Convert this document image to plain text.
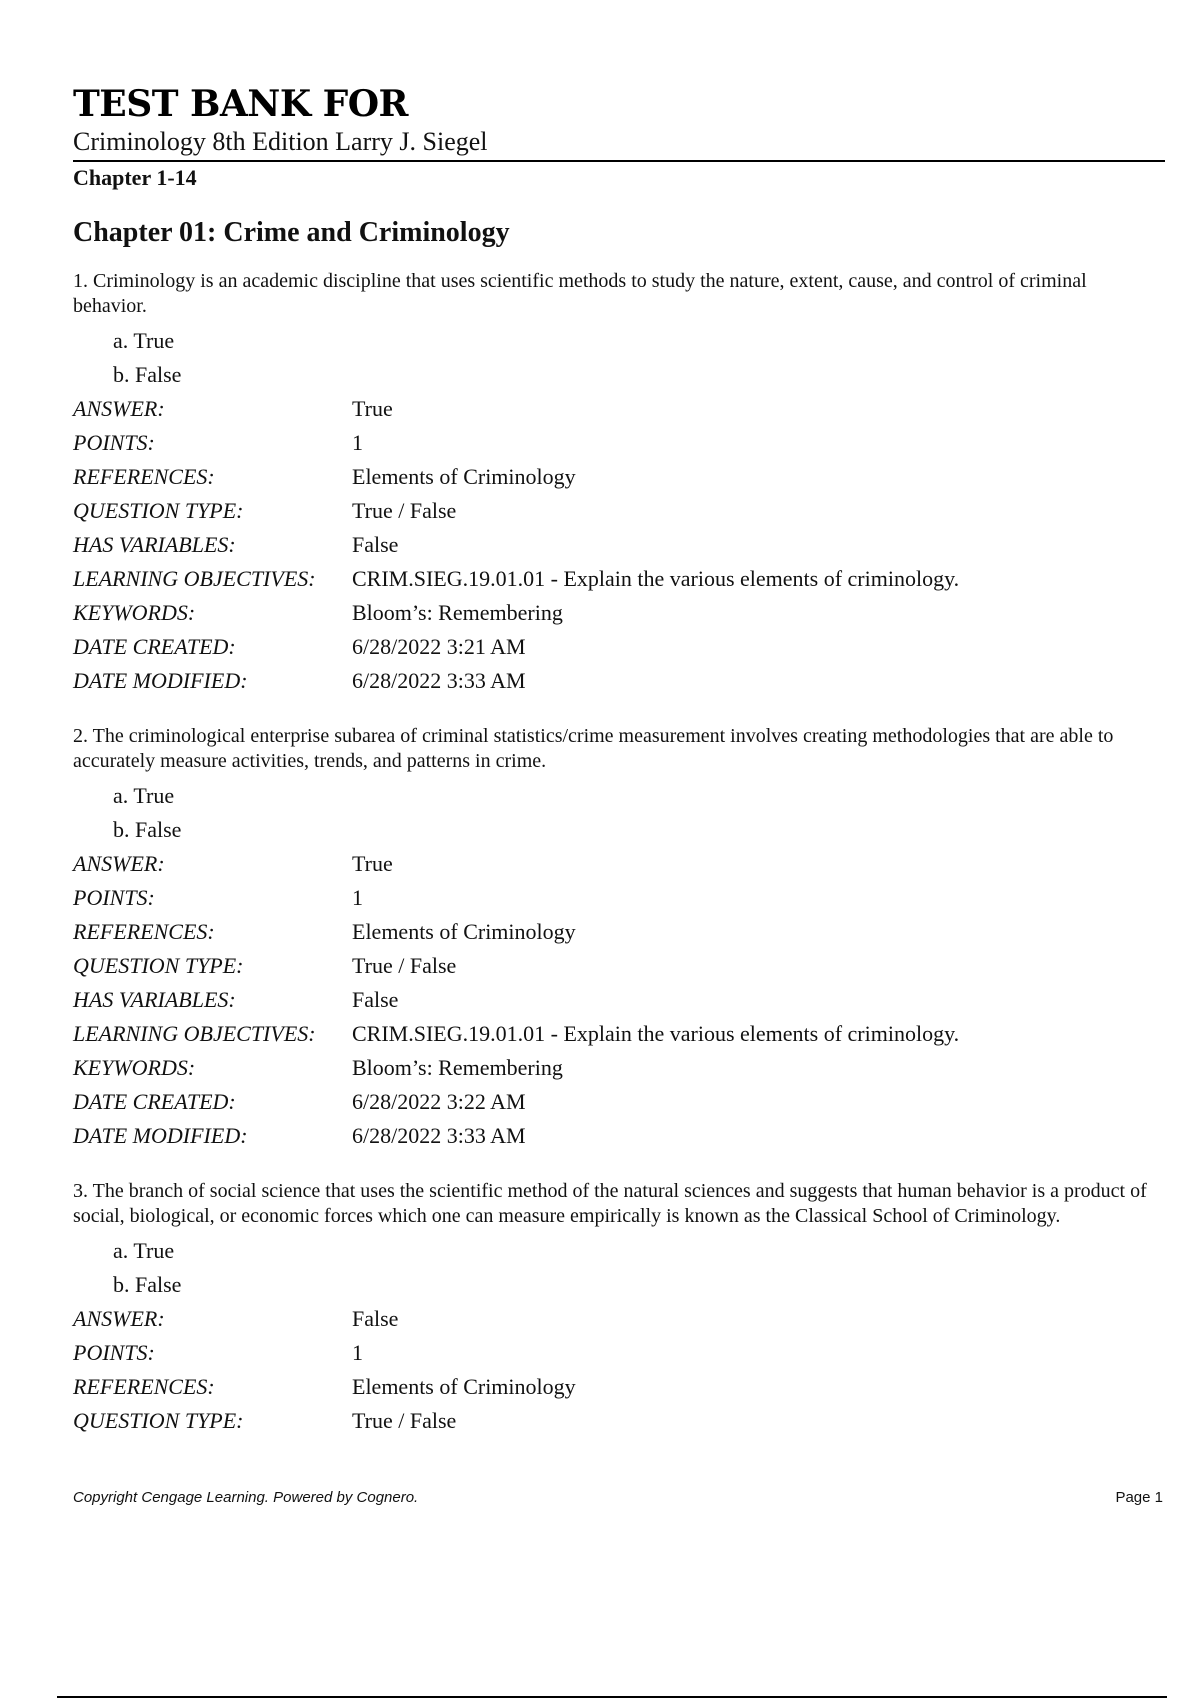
TEST BANK FOR
Criminology 8th Edition Larry J. Siegel
Chapter 1-14
Chapter 01: Crime and Criminology
1. Criminology is an academic discipline that uses scientific methods to study the nature, extent, cause, and control of criminal behavior.
a. True
b. False
ANSWER:	True
POINTS:	1
REFERENCES:	Elements of Criminology
QUESTION TYPE:	True / False
HAS VARIABLES:	False
LEARNING OBJECTIVES:	CRIM.SIEG.19.01.01 - Explain the various elements of criminology.
KEYWORDS:	Bloom’s: Remembering
DATE CREATED:	6/28/2022 3:21 AM
DATE MODIFIED:	6/28/2022 3:33 AM
2. The criminological enterprise subarea of criminal statistics/crime measurement involves creating methodologies that are able to accurately measure activities, trends, and patterns in crime.
a. True
b. False
ANSWER:	True
POINTS:	1
REFERENCES:	Elements of Criminology
QUESTION TYPE:	True / False
HAS VARIABLES:	False
LEARNING OBJECTIVES:	CRIM.SIEG.19.01.01 - Explain the various elements of criminology.
KEYWORDS:	Bloom’s: Remembering
DATE CREATED:	6/28/2022 3:22 AM
DATE MODIFIED:	6/28/2022 3:33 AM
3. The branch of social science that uses the scientific method of the natural sciences and suggests that human behavior is a product of social, biological, or economic forces which one can measure empirically is known as the Classical School of Criminology.
a. True
b. False
ANSWER:	False
POINTS:	1
REFERENCES:	Elements of Criminology
QUESTION TYPE:	True / False
Copyright Cengage Learning. Powered by Cognero.	Page 1
